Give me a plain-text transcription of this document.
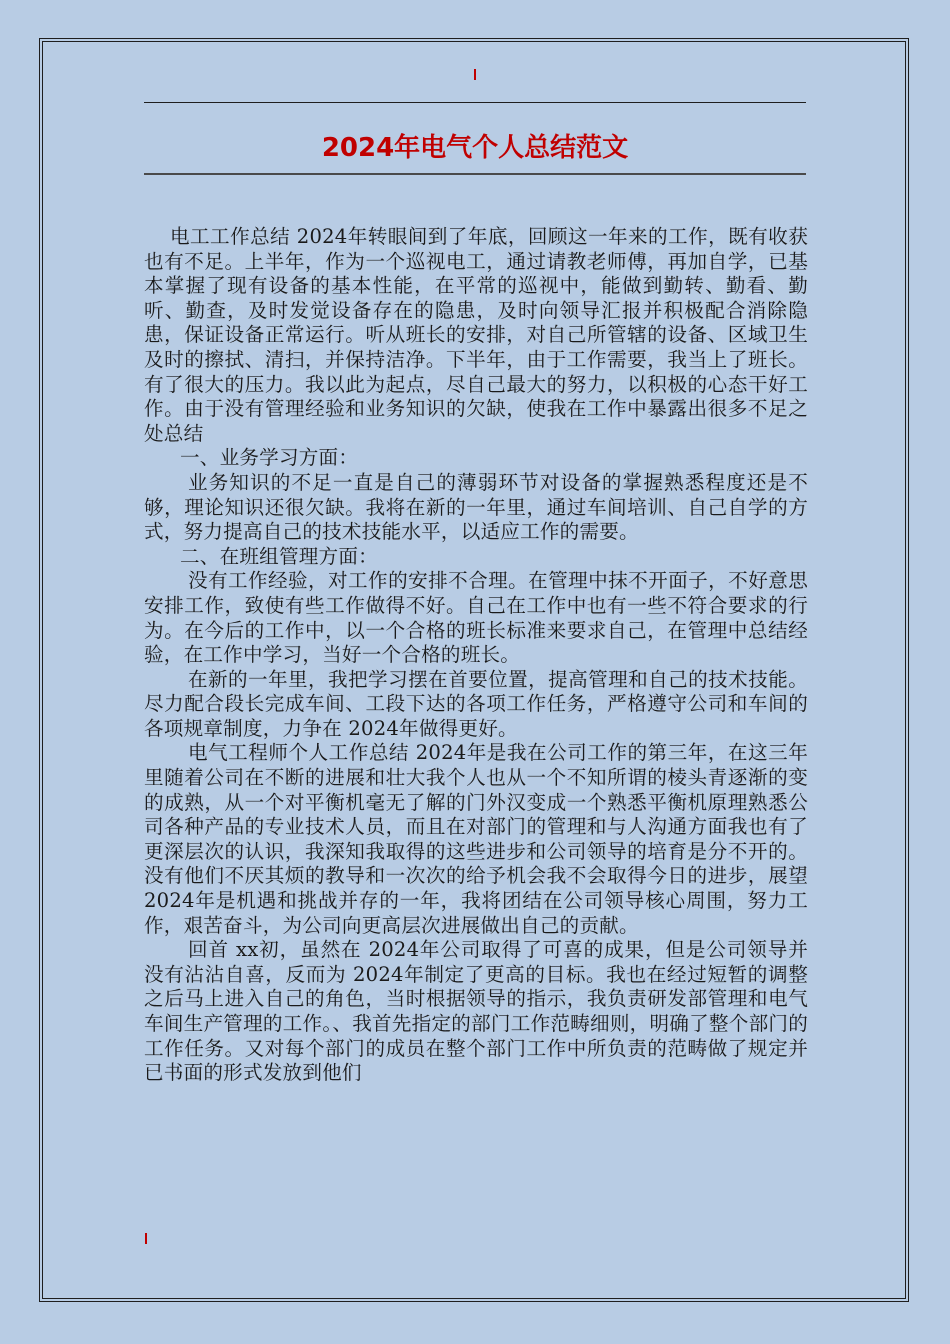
2024年电气个人总结范文

电工工作总结 2024年转眼间到了年底，回顾这一年来的工作，既有收获也有不足。上半年，作为一个巡视电工，通过请教老师傅，再加自学，已基本掌握了现有设备的基本性能，在平常的巡视中，能做到勤转、勤看、勤听、勤查，及时发觉设备存在的隐患，及时向领导汇报并积极配合消除隐患，保证设备正常运行。听从班长的安排，对自己所管辖的设备、区域卫生及时的擦拭、清扫，并保持洁净。下半年，由于工作需要，我当上了班长。有了很大的压力。我以此为起点，尽自己最大的努力，以积极的心态干好工作。由于没有管理经验和业务知识的欠缺，使我在工作中暴露出很多不足之处总结

一、业务学习方面：

业务知识的不足一直是自己的薄弱环节对设备的掌握熟悉程度还是不够，理论知识还很欠缺。我将在新的一年里，通过车间培训、自己自学的方式，努力提高自己的技术技能水平，以适应工作的需要。

二、在班组管理方面：

没有工作经验，对工作的安排不合理。在管理中抹不开面子，不好意思安排工作，致使有些工作做得不好。自己在工作中也有一些不符合要求的行为。在今后的工作中，以一个合格的班长标准来要求自己，在管理中总结经验，在工作中学习，当好一个合格的班长。

在新的一年里，我把学习摆在首要位置，提高管理和自己的技术技能。尽力配合段长完成车间、工段下达的各项工作任务，严格遵守公司和车间的各项规章制度，力争在 2024年做得更好。

电气工程师个人工作总结 2024年是我在公司工作的第三年，在这三年里随着公司在不断的进展和壮大我个人也从一个不知所谓的棱头青逐渐的变的成熟，从一个对平衡机毫无了解的门外汉变成一个熟悉平衡机原理熟悉公司各种产品的专业技术人员，而且在对部门的管理和与人沟通方面我也有了更深层次的认识，我深知我取得的这些进步和公司领导的培育是分不开的。没有他们不厌其烦的教导和一次次的给予机会我不会取得今日的进步，展望 2024年是机遇和挑战并存的一年，我将团结在公司领导核心周围，努力工作，艰苦奋斗，为公司向更高层次进展做出自己的贡献。

回首 xx初，虽然在 2024年公司取得了可喜的成果，但是公司领导并没有沾沾自喜，反而为 2024年制定了更高的目标。我也在经过短暂的调整之后马上进入自己的角色，当时根据领导的指示，我负责研发部管理和电气车间生产管理的工作。、我首先指定的部门工作范畴细则，明确了整个部门的工作任务。又对每个部门的成员在整个部门工作中所负责的范畴做了规定并已书面的形式发放到他们
